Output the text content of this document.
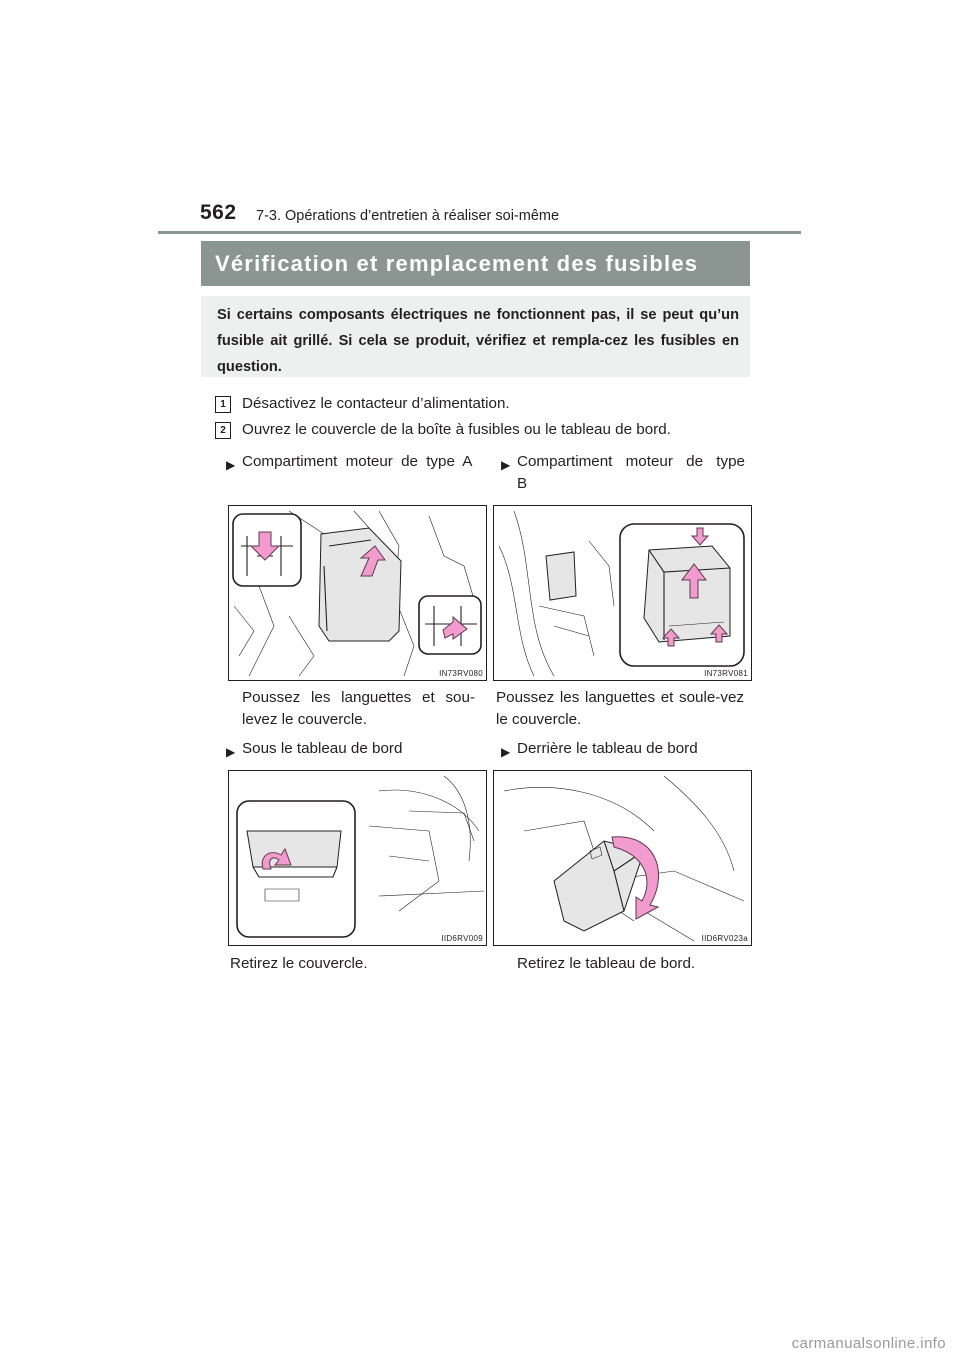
562 7-3. Opérations d’entretien à réaliser soi-même
Vérification et remplacement des fusibles
Si certains composants électriques ne fonctionnent pas, il se peut qu’un fusible ait grillé. Si cela se produit, vérifiez et rempla-cez les fusibles en question.
1	Désactivez le contacteur d’alimentation.
2	Ouvrez le couvercle de la boîte à fusibles ou le tableau de bord.
▶ Compartiment moteur de type A ▶ Compartiment moteur de type B
IN73RV080	IN73RV081
Poussez les languettes et sou-levez le couvercle.
Poussez les languettes et soule-vez le couvercle.
▶ Sous le tableau de bord	▶ Derrière le tableau de bord
IID6RV009	IID6RV023a
Retirez le couvercle.	Retirez le tableau de bord.
carmanualsonline.info
